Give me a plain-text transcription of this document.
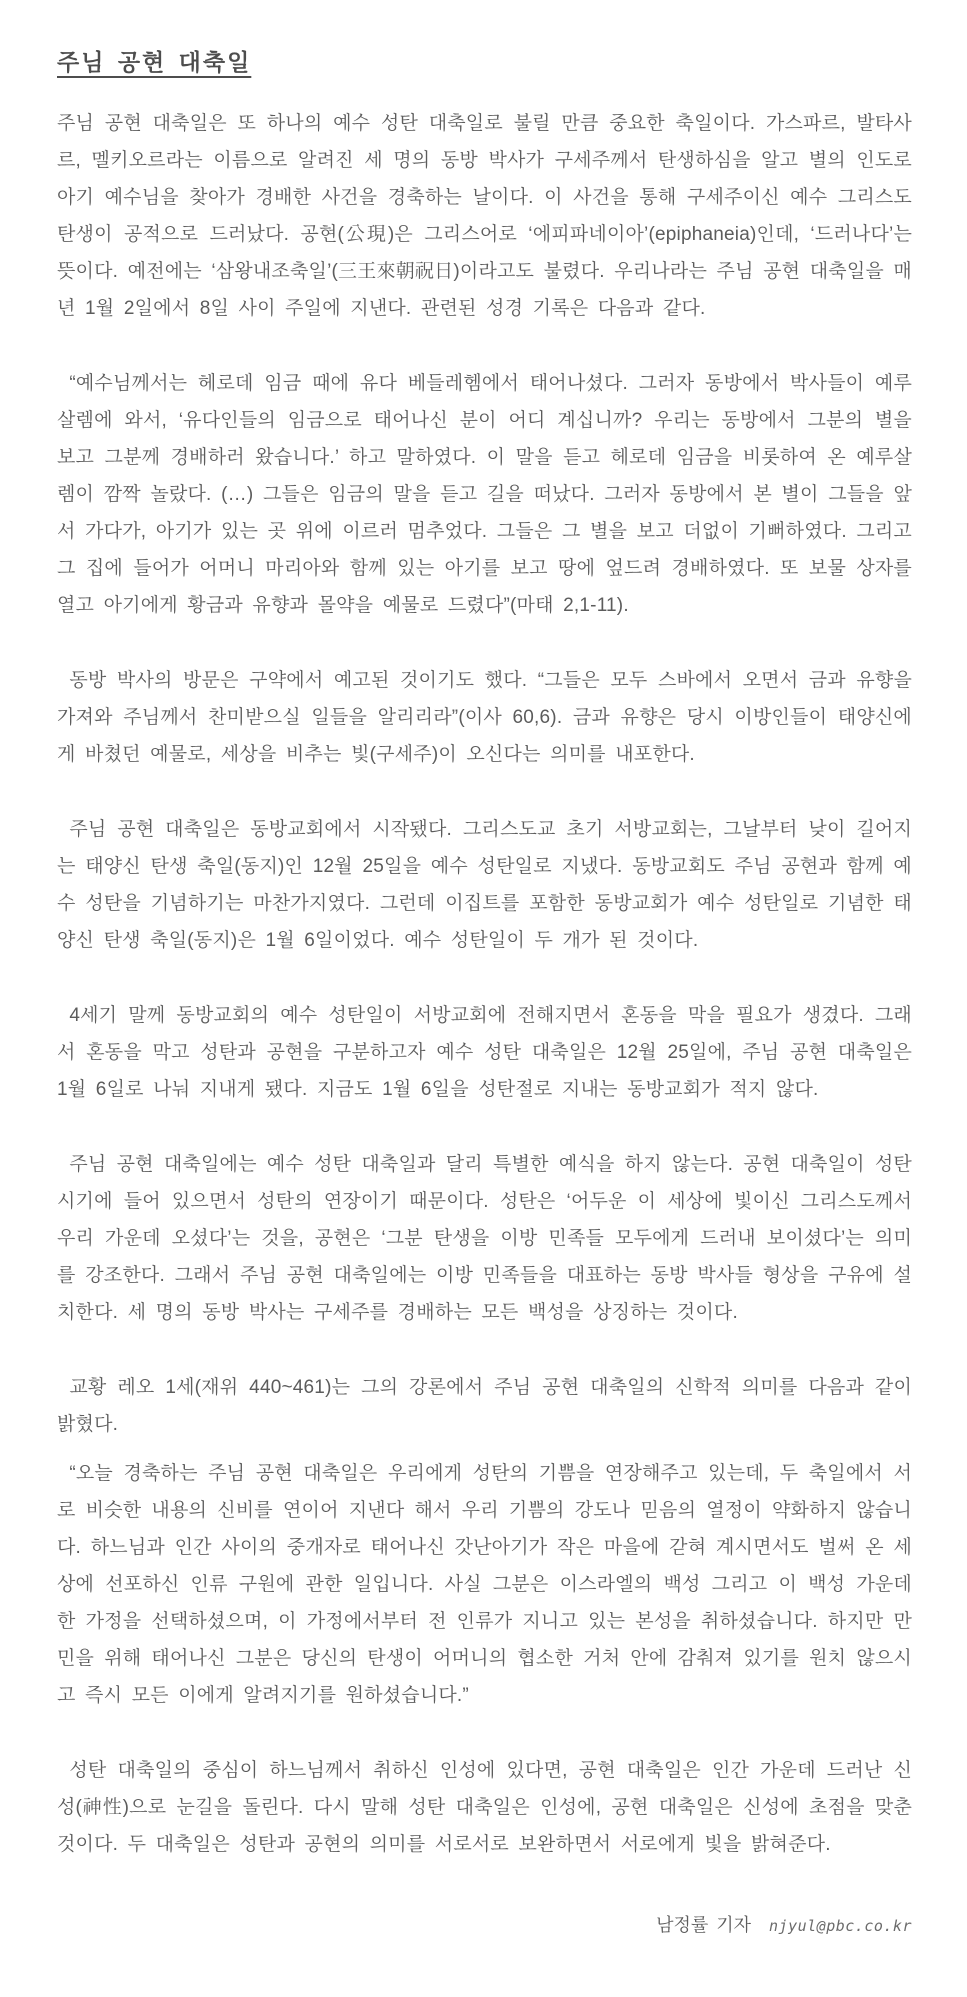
주님 공현 대축일

주님 공현 대축일은 또 하나의 예수 성탄 대축일로 불릴 만큼 중요한 축일이다. 가스파르, 발타사르, 멜키오르라는 이름으로 알려진 세 명의 동방 박사가 구세주께서 탄생하심을 알고 별의 인도로 아기 예수님을 찾아가 경배한 사건을 경축하는 날이다. 이 사건을 통해 구세주이신 예수 그리스도 탄생이 공적으로 드러났다. 공현(公現)은 그리스어로 ‘에피파네이아’(epiphaneia)인데, ‘드러나다’는 뜻이다. 예전에는 ‘삼왕내조축일’(三王來朝祝日)이라고도 불렸다. 우리나라는 주님 공현 대축일을 매년 1월 2일에서 8일 사이 주일에 지낸다. 관련된 성경 기록은 다음과 같다.

“예수님께서는 헤로데 임금 때에 유다 베들레헴에서 태어나셨다. 그러자 동방에서 박사들이 예루살렘에 와서, ‘유다인들의 임금으로 태어나신 분이 어디 계십니까? 우리는 동방에서 그분의 별을 보고 그분께 경배하러 왔습니다.’ 하고 말하였다. 이 말을 듣고 헤로데 임금을 비롯하여 온 예루살렘이 깜짝 놀랐다. (…) 그들은 임금의 말을 듣고 길을 떠났다. 그러자 동방에서 본 별이 그들을 앞서 가다가, 아기가 있는 곳 위에 이르러 멈추었다. 그들은 그 별을 보고 더없이 기뻐하였다. 그리고 그 집에 들어가 어머니 마리아와 함께 있는 아기를 보고 땅에 엎드려 경배하였다. 또 보물 상자를 열고 아기에게 황금과 유향과 몰약을 예물로 드렸다”(마태 2,1-11).

동방 박사의 방문은 구약에서 예고된 것이기도 했다. “그들은 모두 스바에서 오면서 금과 유향을 가져와 주님께서 찬미받으실 일들을 알리리라”(이사 60,6). 금과 유향은 당시 이방인들이 태양신에게 바쳤던 예물로, 세상을 비추는 빛(구세주)이 오신다는 의미를 내포한다.

주님 공현 대축일은 동방교회에서 시작됐다. 그리스도교 초기 서방교회는, 그날부터 낮이 길어지는 태양신 탄생 축일(동지)인 12월 25일을 예수 성탄일로 지냈다. 동방교회도 주님 공현과 함께 예수 성탄을 기념하기는 마찬가지였다. 그런데 이집트를 포함한 동방교회가 예수 성탄일로 기념한 태양신 탄생 축일(동지)은 1월 6일이었다. 예수 성탄일이 두 개가 된 것이다.

4세기 말께 동방교회의 예수 성탄일이 서방교회에 전해지면서 혼동을 막을 필요가 생겼다. 그래서 혼동을 막고 성탄과 공현을 구분하고자 예수 성탄 대축일은 12월 25일에, 주님 공현 대축일은 1월 6일로 나눠 지내게 됐다. 지금도 1월 6일을 성탄절로 지내는 동방교회가 적지 않다.

주님 공현 대축일에는 예수 성탄 대축일과 달리 특별한 예식을 하지 않는다. 공현 대축일이 성탄시기에 들어 있으면서 성탄의 연장이기 때문이다. 성탄은 ‘어두운 이 세상에 빛이신 그리스도께서 우리 가운데 오셨다’는 것을, 공현은 ‘그분 탄생을 이방 민족들 모두에게 드러내 보이셨다’는 의미를 강조한다. 그래서 주님 공현 대축일에는 이방 민족들을 대표하는 동방 박사들 형상을 구유에 설치한다. 세 명의 동방 박사는 구세주를 경배하는 모든 백성을 상징하는 것이다.

교황 레오 1세(재위 440~461)는 그의 강론에서 주님 공현 대축일의 신학적 의미를 다음과 같이 밝혔다.

“오늘 경축하는 주님 공현 대축일은 우리에게 성탄의 기쁨을 연장해주고 있는데, 두 축일에서 서로 비슷한 내용의 신비를 연이어 지낸다 해서 우리 기쁨의 강도나 믿음의 열정이 약화하지 않습니다. 하느님과 인간 사이의 중개자로 태어나신 갓난아기가 작은 마을에 갇혀 계시면서도 벌써 온 세상에 선포하신 인류 구원에 관한 일입니다. 사실 그분은 이스라엘의 백성 그리고 이 백성 가운데 한 가정을 선택하셨으며, 이 가정에서부터 전 인류가 지니고 있는 본성을 취하셨습니다. 하지만 만민을 위해 태어나신 그분은 당신의 탄생이 어머니의 협소한 거처 안에 감춰져 있기를 원치 않으시고 즉시 모든 이에게 알려지기를 원하셨습니다.”

성탄 대축일의 중심이 하느님께서 취하신 인성에 있다면, 공현 대축일은 인간 가운데 드러난 신성(神性)으로 눈길을 돌린다. 다시 말해 성탄 대축일은 인성에, 공현 대축일은 신성에 초점을 맞춘 것이다. 두 대축일은 성탄과 공현의 의미를 서로서로 보완하면서 서로에게 빛을 밝혀준다.

남정률 기자 njyul@pbc.co.kr
